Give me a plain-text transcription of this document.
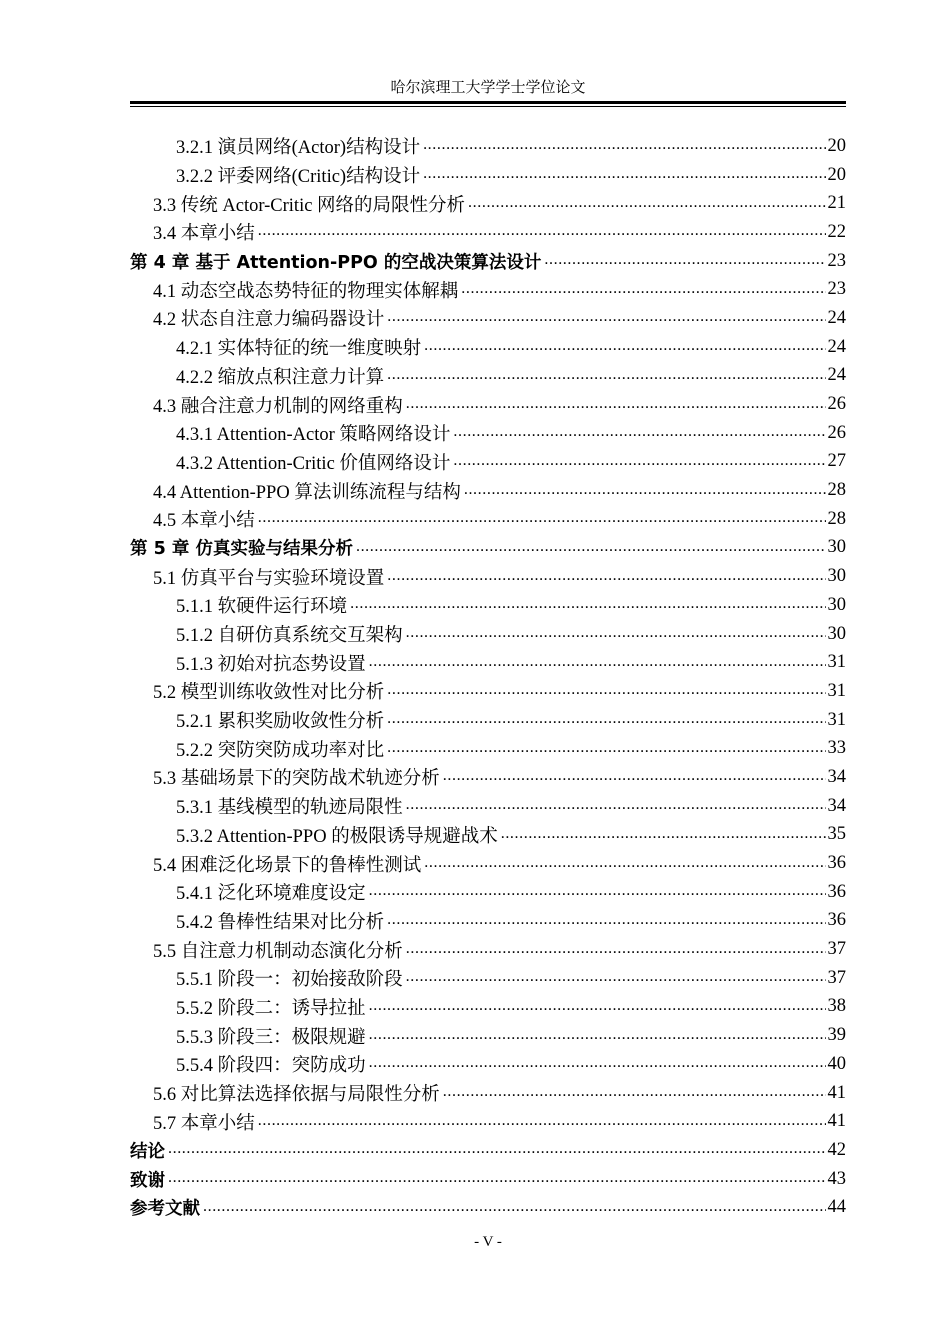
哈尔滨理工大学学士学位论文
3.2.1 演员网络(Actor)结构设计 .....	20
3.2.2 评委网络(Critic)结构设计 .....	20
3.3 传统 Actor-Critic 网络的局限性分析 .....	21
3.4 本章小结 .....	22
第 4 章 基于 Attention-PPO 的空战决策算法设计 .....	23
4.1 动态空战态势特征的物理实体解耦 .....	23
4.2 状态自注意力编码器设计 .....	24
4.2.1 实体特征的统一维度映射 .....	24
4.2.2 缩放点积注意力计算 .....	24
4.3 融合注意力机制的网络重构 .....	26
4.3.1 Attention-Actor 策略网络设计 .....	26
4.3.2 Attention-Critic 价值网络设计 .....	27
4.4 Attention-PPO 算法训练流程与结构 .....	28
4.5 本章小结 .....	28
第 5 章 仿真实验与结果分析 .....	30
5.1 仿真平台与实验环境设置 .....	30
5.1.1 软硬件运行环境 .....	30
5.1.2 自研仿真系统交互架构 .....	30
5.1.3 初始对抗态势设置 .....	31
5.2 模型训练收敛性对比分析 .....	31
5.2.1 累积奖励收敛性分析 .....	31
5.2.2 突防突防成功率对比 .....	33
5.3 基础场景下的突防战术轨迹分析 .....	34
5.3.1 基线模型的轨迹局限性 .....	34
5.3.2 Attention-PPO 的极限诱导规避战术 .....	35
5.4 困难泛化场景下的鲁棒性测试 .....	36
5.4.1 泛化环境难度设定 .....	36
5.4.2 鲁棒性结果对比分析 .....	36
5.5 自注意力机制动态演化分析 .....	37
5.5.1 阶段一：初始接敌阶段 .....	37
5.5.2 阶段二：诱导拉扯 .....	38
5.5.3 阶段三：极限规避 .....	39
5.5.4 阶段四：突防成功 .....	40
5.6 对比算法选择依据与局限性分析 .....	41
5.7 本章小结 .....	41
结论 .....	42
致谢 .....	43
参考文献 .....	44
- V -
